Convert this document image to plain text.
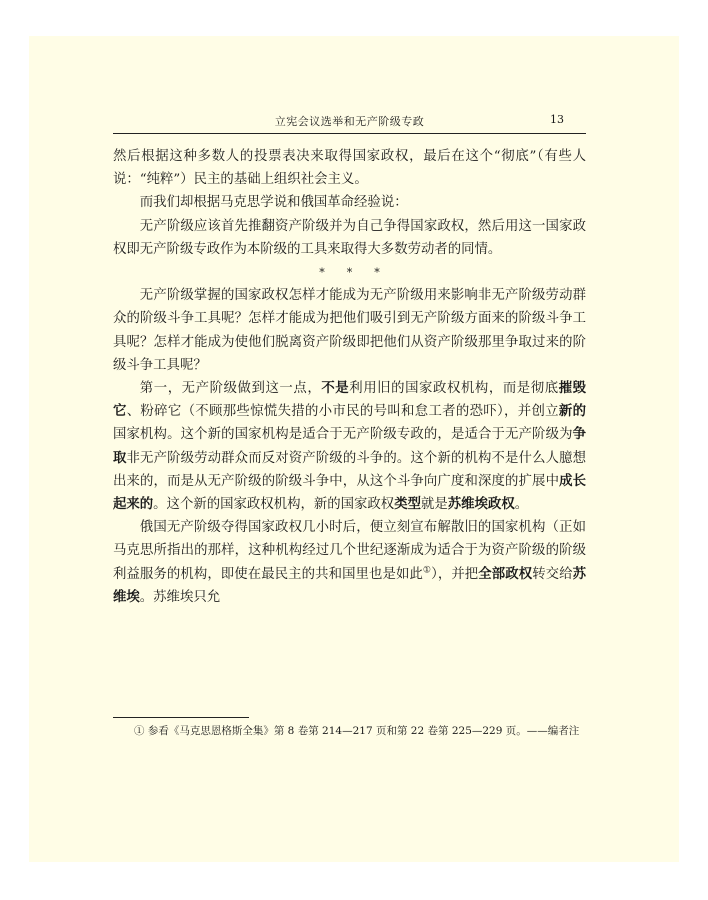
立宪会议选举和无产阶级专政	13

然后根据这种多数人的投票表决来取得国家政权，最后在这个“彻底”（有些人说：“纯粹”）民主的基础上组织社会主义。

而我们却根据马克思学说和俄国革命经验说：

无产阶级应该首先推翻资产阶级并为自己争得国家政权，然后用这一国家政权即无产阶级专政作为本阶级的工具来取得大多数劳动者的同情。

*　　*　　*

无产阶级掌握的国家政权怎样才能成为无产阶级用来影响非无产阶级劳动群众的阶级斗争工具呢？怎样才能成为把他们吸引到无产阶级方面来的阶级斗争工具呢？怎样才能成为使他们脱离资产阶级即把他们从资产阶级那里争取过来的阶级斗争工具呢？

第一，无产阶级做到这一点，不是利用旧的国家政权机构，而是彻底摧毁它、粉碎它（不顾那些惊慌失措的小市民的号叫和怠工者的恐吓），并创立新的国家机构。这个新的国家机构是适合于无产阶级专政的，是适合于无产阶级为争取非无产阶级劳动群众而反对资产阶级的斗争的。这个新的机构不是什么人臆想出来的，而是从无产阶级的阶级斗争中，从这个斗争向广度和深度的扩展中成长起来的。这个新的国家政权机构，新的国家政权类型就是苏维埃政权。

俄国无产阶级夺得国家政权几小时后，便立刻宣布解散旧的国家机构（正如马克思所指出的那样，这种机构经过几个世纪逐渐成为适合于为资产阶级的阶级利益服务的机构，即使在最民主的共和国里也是如此①），并把全部政权转交给苏维埃。苏维埃只允

① 参看《马克思恩格斯全集》第 8 卷第 214—217 页和第 22 卷第 225—229 页。——编者注
